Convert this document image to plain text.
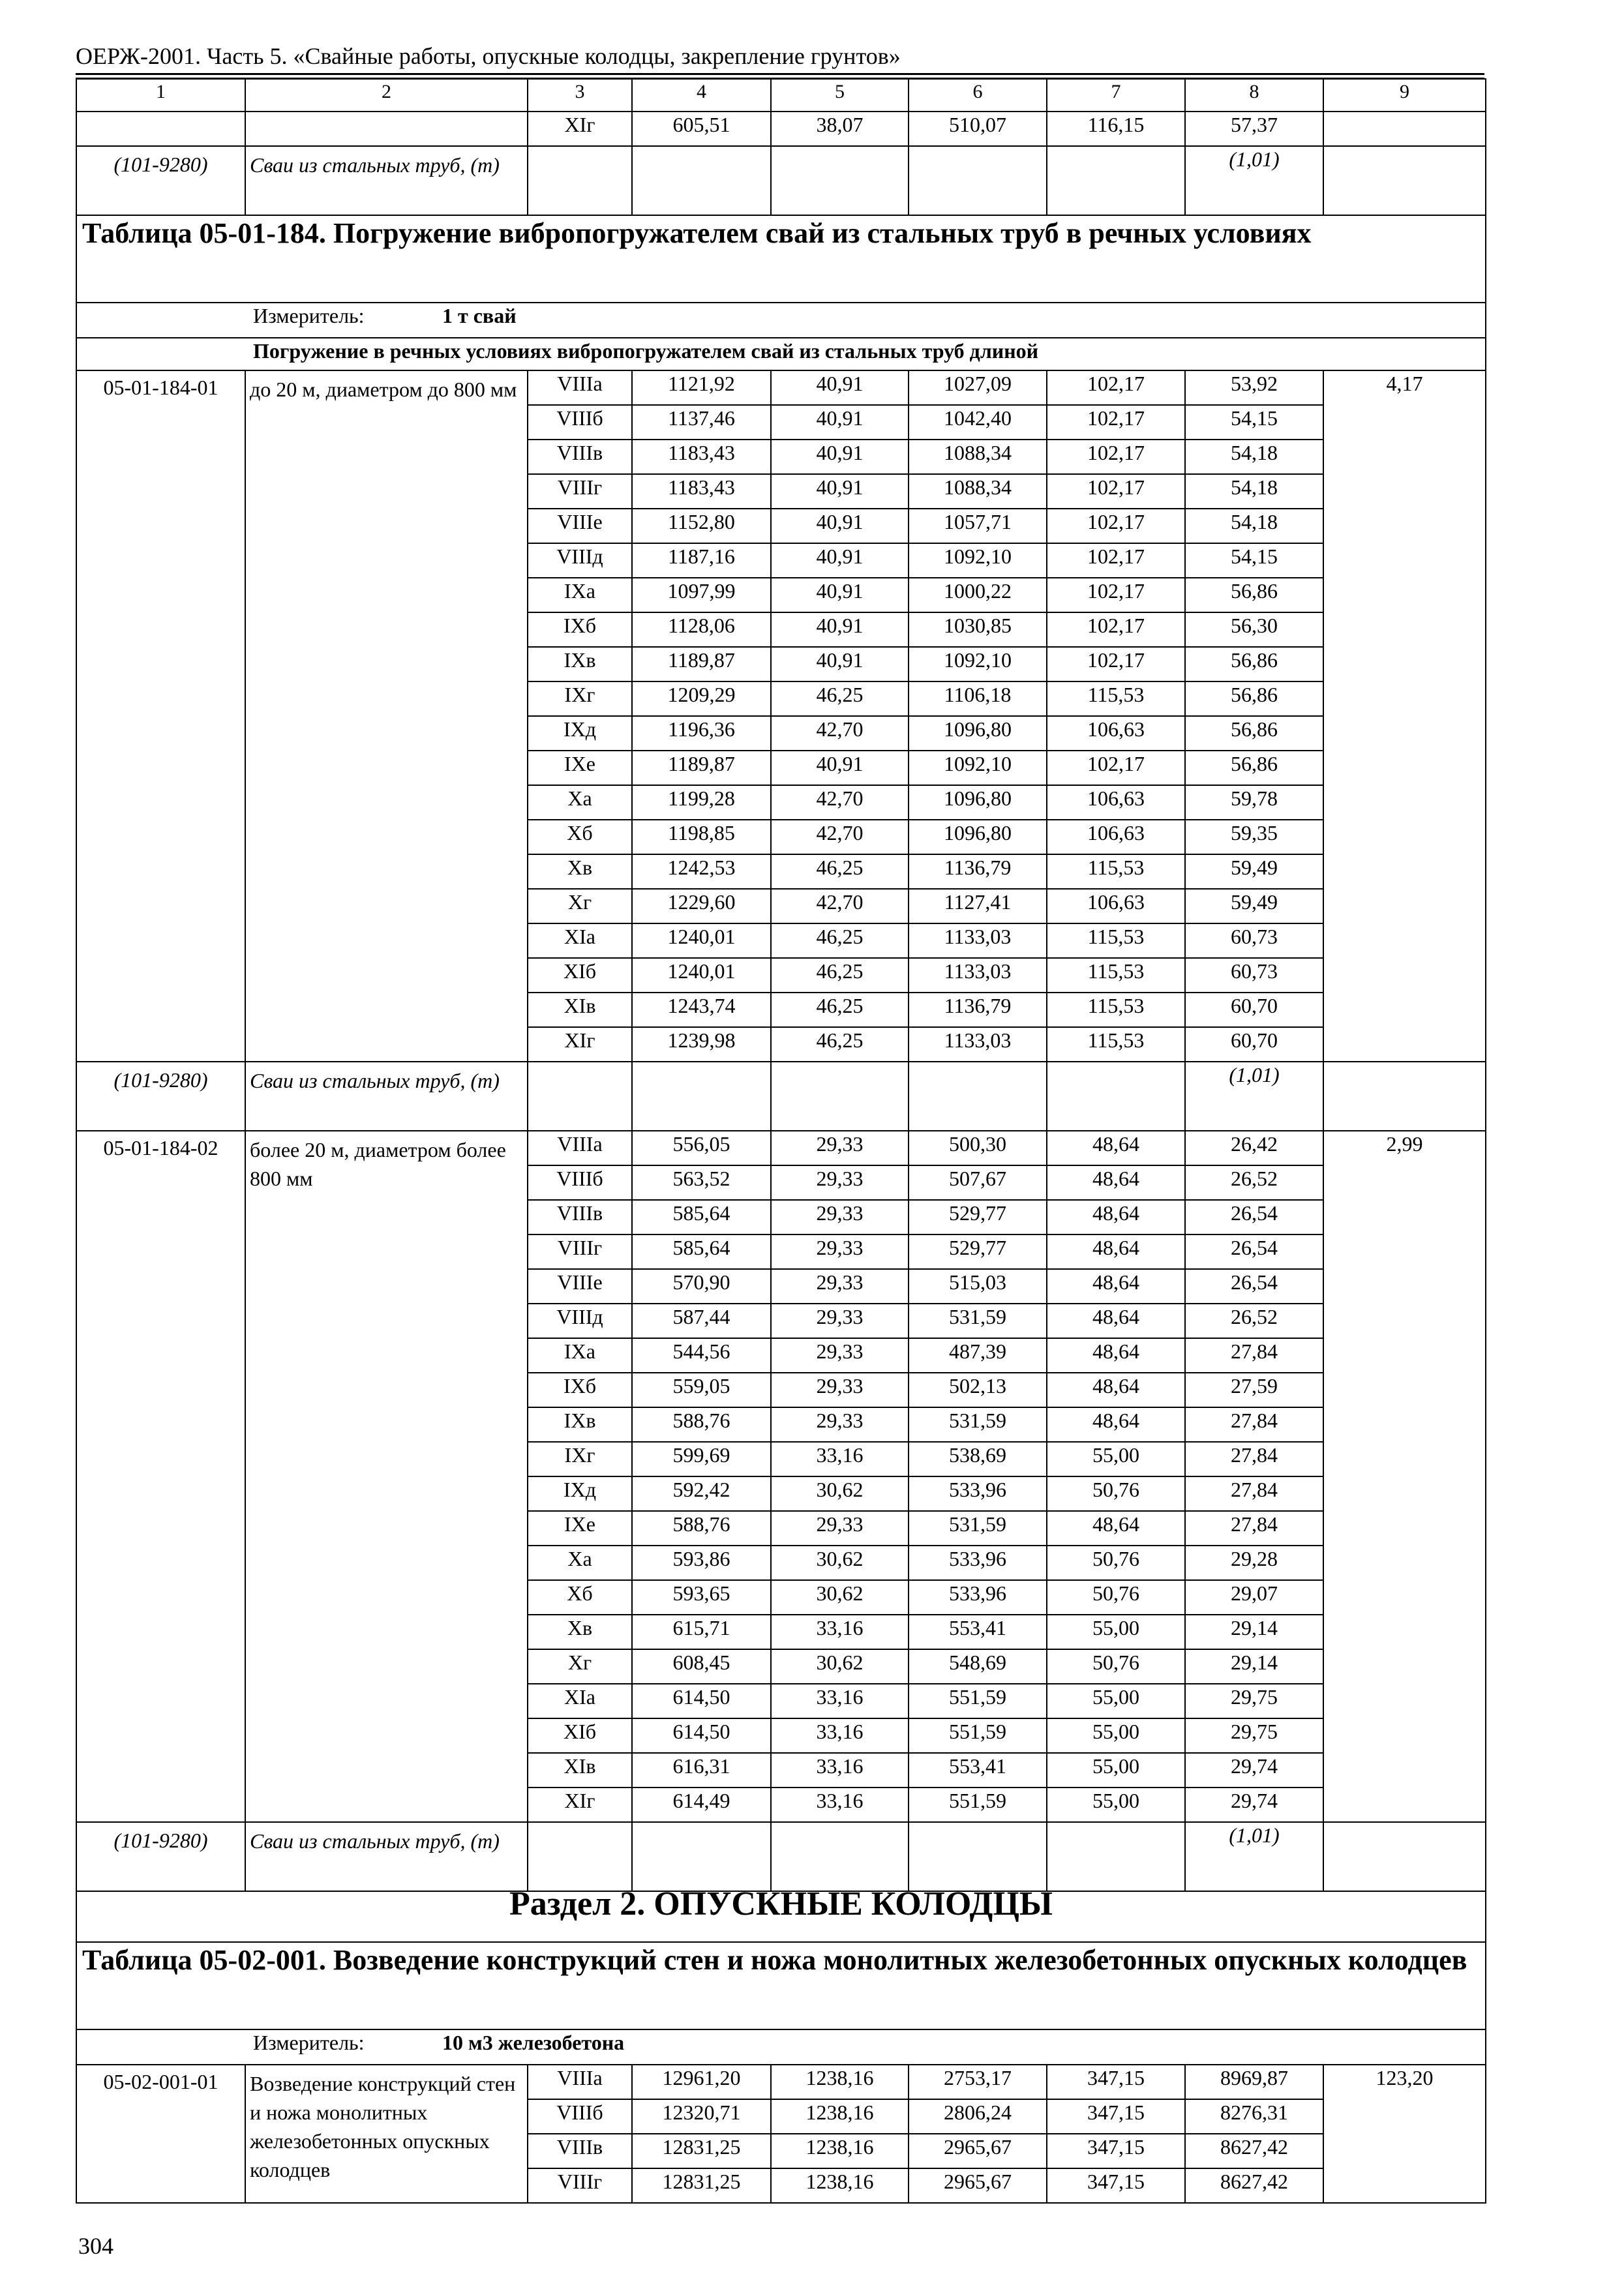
ОЕРЖ-2001. Часть 5. «Свайные работы, опускные колодцы, закрепление грунтов»
1	2	3	4	5	6	7	8	9
		XIг	605,51	38,07	510,07	116,15	57,37	
(101-9280)	Сваи из стальных труб, (т)						(1,01)	
Таблица 05-01-184. Погружение вибропогружателем свай из стальных труб в речных условиях								
Измеритель: 1 т свай								
Погружение в речных условиях вибропогружателем свай из стальных труб длиной								
05-01-184-01	до 20 м, диаметром до 800 мм	VIIIa	1121,92	40,91	1027,09	102,17	53,92	4,17
		VIIIб	1137,46	40,91	1042,40	102,17	54,15	
		VIIIв	1183,43	40,91	1088,34	102,17	54,18	
		VIIIг	1183,43	40,91	1088,34	102,17	54,18	
		VIIIе	1152,80	40,91	1057,71	102,17	54,18	
		VIIIд	1187,16	40,91	1092,10	102,17	54,15	
		IXa	1097,99	40,91	1000,22	102,17	56,86	
		IXб	1128,06	40,91	1030,85	102,17	56,30	
		IXв	1189,87	40,91	1092,10	102,17	56,86	
		IXг	1209,29	46,25	1106,18	115,53	56,86	
		IXд	1196,36	42,70	1096,80	106,63	56,86	
		IXе	1189,87	40,91	1092,10	102,17	56,86	
		Xa	1199,28	42,70	1096,80	106,63	59,78	
		Xб	1198,85	42,70	1096,80	106,63	59,35	
		Xв	1242,53	46,25	1136,79	115,53	59,49	
		Xг	1229,60	42,70	1127,41	106,63	59,49	
		XIa	1240,01	46,25	1133,03	115,53	60,73	
		XIб	1240,01	46,25	1133,03	115,53	60,73	
		XIв	1243,74	46,25	1136,79	115,53	60,70	
		XIг	1239,98	46,25	1133,03	115,53	60,70	
(101-9280)	Сваи из стальных труб, (т)						(1,01)	
05-01-184-02	более 20 м, диаметром более 800 мм	VIIIa	556,05	29,33	500,30	48,64	26,42	2,99
		VIIIб	563,52	29,33	507,67	48,64	26,52	
		VIIIв	585,64	29,33	529,77	48,64	26,54	
		VIIIг	585,64	29,33	529,77	48,64	26,54	
		VIIIе	570,90	29,33	515,03	48,64	26,54	
		VIIIд	587,44	29,33	531,59	48,64	26,52	
		IXa	544,56	29,33	487,39	48,64	27,84	
		IXб	559,05	29,33	502,13	48,64	27,59	
		IXв	588,76	29,33	531,59	48,64	27,84	
		IXг	599,69	33,16	538,69	55,00	27,84	
		IXд	592,42	30,62	533,96	50,76	27,84	
		IXе	588,76	29,33	531,59	48,64	27,84	
		Xa	593,86	30,62	533,96	50,76	29,28	
		Xб	593,65	30,62	533,96	50,76	29,07	
		Xв	615,71	33,16	553,41	55,00	29,14	
		Xг	608,45	30,62	548,69	50,76	29,14	
		XIa	614,50	33,16	551,59	55,00	29,75	
		XIб	614,50	33,16	551,59	55,00	29,75	
		XIв	616,31	33,16	553,41	55,00	29,74	
		XIг	614,49	33,16	551,59	55,00	29,74	
(101-9280)	Сваи из стальных труб, (т)						(1,01)	
Раздел 2. ОПУСКНЫЕ КОЛОДЦЫ								
Таблица 05-02-001. Возведение конструкций стен и ножа монолитных железобетонных опускных колодцев								
Измеритель: 10 м3 железобетона								
05-02-001-01	Возведение конструкций стен и ножа монолитных железобетонных опускных колодцев	VIIIa	12961,20	1238,16	2753,17	347,15	8969,87	123,20
		VIIIб	12320,71	1238,16	2806,24	347,15	8276,31	
		VIIIв	12831,25	1238,16	2965,67	347,15	8627,42	
		VIIIг	12831,25	1238,16	2965,67	347,15	8627,42	
304
